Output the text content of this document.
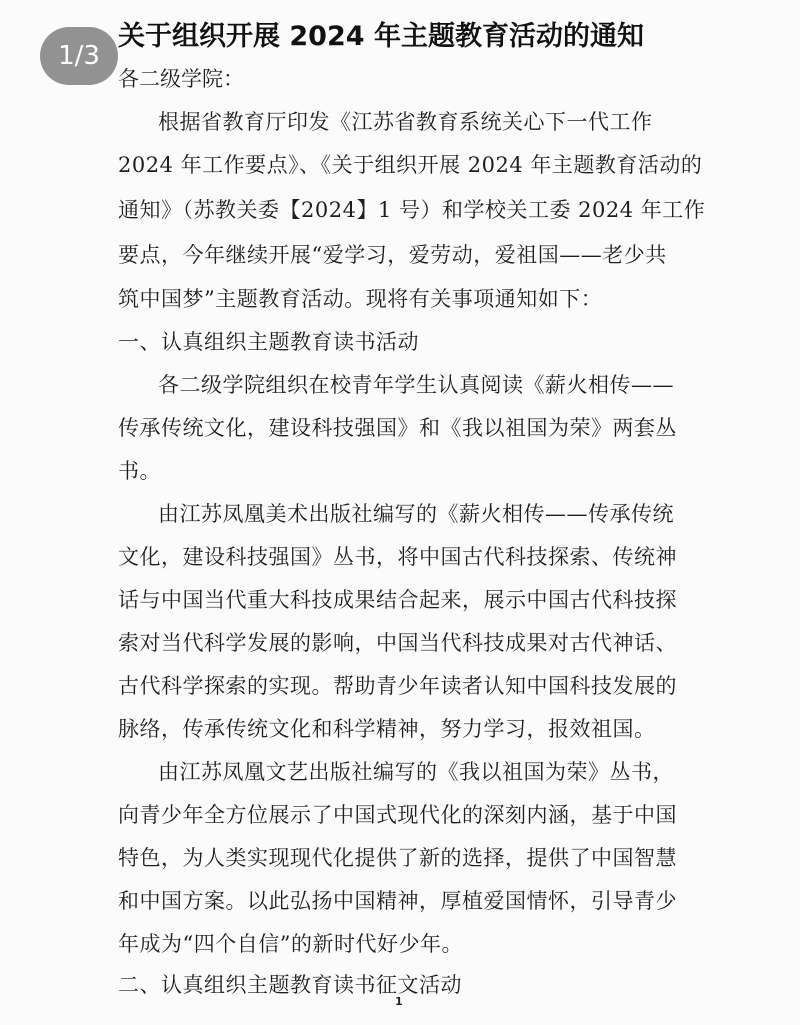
1/3
关于组织开展 2024 年主题教育活动的通知
各二级学院：
根据省教育厅印发《江苏省教育系统关心下一代工作
2024 年工作要点》、《关于组织开展 2024 年主题教育活动的
通知》（苏教关委【2024】1 号）和学校关工委 2024 年工作
要点，今年继续开展“爱学习，爱劳动，爱祖国——老少共
筑中国梦”主题教育活动。现将有关事项通知如下：
一、认真组织主题教育读书活动
各二级学院组织在校青年学生认真阅读《薪火相传——
传承传统文化，建设科技强国》和《我以祖国为荣》两套丛
书。
由江苏凤凰美术出版社编写的《薪火相传——传承传统
文化，建设科技强国》丛书，将中国古代科技探索、传统神
话与中国当代重大科技成果结合起来，展示中国古代科技探
索对当代科学发展的影响，中国当代科技成果对古代神话、
古代科学探索的实现。帮助青少年读者认知中国科技发展的
脉络，传承传统文化和科学精神，努力学习，报效祖国。
由江苏凤凰文艺出版社编写的《我以祖国为荣》丛书，
向青少年全方位展示了中国式现代化的深刻内涵，基于中国
特色，为人类实现现代化提供了新的选择，提供了中国智慧
和中国方案。以此弘扬中国精神，厚植爱国情怀，引导青少
年成为“四个自信”的新时代好少年。
二、认真组织主题教育读书征文活动
1
